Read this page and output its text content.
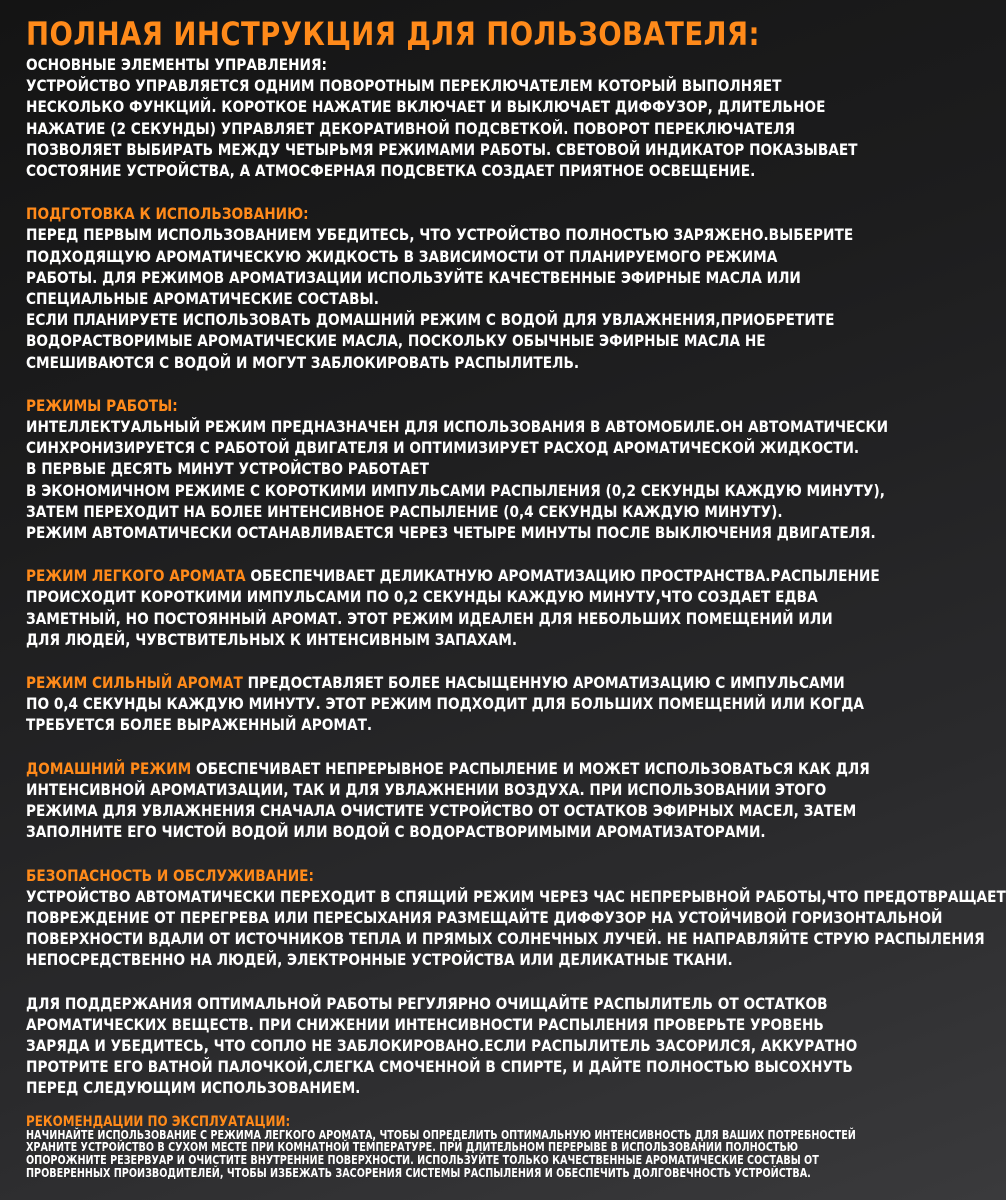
ПОЛНАЯ ИНСТРУКЦИЯ ДЛЯ ПОЛЬЗОВАТЕЛЯ:
ОСНОВНЫЕ ЭЛЕМЕНТЫ УПРАВЛЕНИЯ:
УСТРОЙСТВО УПРАВЛЯЕТСЯ ОДНИМ ПОВОРОТНЫМ ПЕРЕКЛЮЧАТЕЛЕМ КОТОРЫЙ ВЫПОЛНЯЕТ
НЕСКОЛЬКО ФУНКЦИЙ. КОРОТКОЕ НАЖАТИЕ ВКЛЮЧАЕТ И ВЫКЛЮЧАЕТ ДИФФУЗОР, ДЛИТЕЛЬНОЕ
НАЖАТИЕ (2 СЕКУНДЫ) УПРАВЛЯЕТ ДЕКОРАТИВНОЙ ПОДСВЕТКОЙ. ПОВОРОТ ПЕРЕКЛЮЧАТЕЛЯ
ПОЗВОЛЯЕТ ВЫБИРАТЬ МЕЖДУ ЧЕТЫРЬМЯ РЕЖИМАМИ РАБОТЫ. СВЕТОВОЙ ИНДИКАТОР ПОКАЗЫВАЕТ
СОСТОЯНИЕ УСТРОЙСТВА, А АТМОСФЕРНАЯ ПОДСВЕТКА СОЗДАЕТ ПРИЯТНОЕ ОСВЕЩЕНИЕ.
ПОДГОТОВКА К ИСПОЛЬЗОВАНИЮ:
ПЕРЕД ПЕРВЫМ ИСПОЛЬЗОВАНИЕМ УБЕДИТЕСЬ, ЧТО УСТРОЙСТВО ПОЛНОСТЬЮ ЗАРЯЖЕНО.ВЫБЕРИТЕ
ПОДХОДЯЩУЮ АРОМАТИЧЕСКУЮ ЖИДКОСТЬ В ЗАВИСИМОСТИ ОТ ПЛАНИРУЕМОГО РЕЖИМА
РАБОТЫ. ДЛЯ РЕЖИМОВ АРОМАТИЗАЦИИ ИСПОЛЬЗУЙТЕ КАЧЕСТВЕННЫЕ ЭФИРНЫЕ МАСЛА ИЛИ
СПЕЦИАЛЬНЫЕ АРОМАТИЧЕСКИЕ СОСТАВЫ.
ЕСЛИ ПЛАНИРУЕТЕ ИСПОЛЬЗОВАТЬ ДОМАШНИЙ РЕЖИМ С ВОДОЙ ДЛЯ УВЛАЖНЕНИЯ,ПРИОБРЕТИТЕ
ВОДОРАСТВОРИМЫЕ АРОМАТИЧЕСКИЕ МАСЛА, ПОСКОЛЬКУ ОБЫЧНЫЕ ЭФИРНЫЕ МАСЛА НЕ
СМЕШИВАЮТСЯ С ВОДОЙ И МОГУТ ЗАБЛОКИРОВАТЬ РАСПЫЛИТЕЛЬ.
РЕЖИМЫ РАБОТЫ:
ИНТЕЛЛЕКТУАЛЬНЫЙ РЕЖИМ ПРЕДНАЗНАЧЕН ДЛЯ ИСПОЛЬЗОВАНИЯ В АВТОМОБИЛЕ.ОН АВТОМАТИЧЕСКИ
СИНХРОНИЗИРУЕТСЯ С РАБОТОЙ ДВИГАТЕЛЯ И ОПТИМИЗИРУЕТ РАСХОД АРОМАТИЧЕСКОЙ ЖИДКОСТИ.
В ПЕРВЫЕ ДЕСЯТЬ МИНУТ УСТРОЙСТВО РАБОТАЕТ
В ЭКОНОМИЧНОМ РЕЖИМЕ С КОРОТКИМИ ИМПУЛЬСАМИ РАСПЫЛЕНИЯ (0,2 СЕКУНДЫ КАЖДУЮ МИНУТУ),
ЗАТЕМ ПЕРЕХОДИТ НА БОЛЕЕ ИНТЕНСИВНОЕ РАСПЫЛЕНИЕ (0,4 СЕКУНДЫ КАЖДУЮ МИНУТУ).
РЕЖИМ АВТОМАТИЧЕСКИ ОСТАНАВЛИВАЕТСЯ ЧЕРЕЗ ЧЕТЫРЕ МИНУТЫ ПОСЛЕ ВЫКЛЮЧЕНИЯ ДВИГАТЕЛЯ.
РЕЖИМ ЛЕГКОГО АРОМАТА ОБЕСПЕЧИВАЕТ ДЕЛИКАТНУЮ АРОМАТИЗАЦИЮ ПРОСТРАНСТВА.РАСПЫЛЕНИЕ
ПРОИСХОДИТ КОРОТКИМИ ИМПУЛЬСАМИ ПО 0,2 СЕКУНДЫ КАЖДУЮ МИНУТУ,ЧТО СОЗДАЕТ ЕДВА
ЗАМЕТНЫЙ, НО ПОСТОЯННЫЙ АРОМАТ. ЭТОТ РЕЖИМ ИДЕАЛЕН ДЛЯ НЕБОЛЬШИХ ПОМЕЩЕНИЙ ИЛИ
ДЛЯ ЛЮДЕЙ, ЧУВСТВИТЕЛЬНЫХ К ИНТЕНСИВНЫМ ЗАПАХАМ.
РЕЖИМ СИЛЬНЫЙ АРОМАТ ПРЕДОСТАВЛЯЕТ БОЛЕЕ НАСЫЩЕННУЮ АРОМАТИЗАЦИЮ С ИМПУЛЬСАМИ
ПО 0,4 СЕКУНДЫ КАЖДУЮ МИНУТУ. ЭТОТ РЕЖИМ ПОДХОДИТ ДЛЯ БОЛЬШИХ ПОМЕЩЕНИЙ ИЛИ КОГДА
ТРЕБУЕТСЯ БОЛЕЕ ВЫРАЖЕННЫЙ АРОМАТ.
ДОМАШНИЙ РЕЖИМ ОБЕСПЕЧИВАЕТ НЕПРЕРЫВНОЕ РАСПЫЛЕНИЕ И МОЖЕТ ИСПОЛЬЗОВАТЬСЯ КАК ДЛЯ
ИНТЕНСИВНОЙ АРОМАТИЗАЦИИ, ТАК И ДЛЯ УВЛАЖНЕНИИ ВОЗДУХА. ПРИ ИСПОЛЬЗОВАНИИ ЭТОГО
РЕЖИМА ДЛЯ УВЛАЖНЕНИЯ СНАЧАЛА ОЧИСТИТЕ УСТРОЙСТВО ОТ ОСТАТКОВ ЭФИРНЫХ МАСЕЛ, ЗАТЕМ
ЗАПОЛНИТЕ ЕГО ЧИСТОЙ ВОДОЙ ИЛИ ВОДОЙ С ВОДОРАСТВОРИМЫМИ АРОМАТИЗАТОРАМИ.
БЕЗОПАСНОСТЬ И ОБСЛУЖИВАНИЕ:
УСТРОЙСТВО АВТОМАТИЧЕСКИ ПЕРЕХОДИТ В СПЯЩИЙ РЕЖИМ ЧЕРЕЗ ЧАС НЕПРЕРЫВНОЙ РАБОТЫ,ЧТО ПРЕДОТВРАЩАЕТ
ПОВРЕЖДЕНИЕ ОТ ПЕРЕГРЕВА ИЛИ ПЕРЕСЫХАНИЯ РАЗМЕЩАЙТЕ ДИФФУЗОР НА УСТОЙЧИВОЙ ГОРИЗОНТАЛЬНОЙ
ПОВЕРХНОСТИ ВДАЛИ ОТ ИСТОЧНИКОВ ТЕПЛА И ПРЯМЫХ СОЛНЕЧНЫХ ЛУЧЕЙ. НЕ НАПРАВЛЯЙТЕ СТРУЮ РАСПЫЛЕНИЯ
НЕПОСРЕДСТВЕННО НА ЛЮДЕЙ, ЭЛЕКТРОННЫЕ УСТРОЙСТВА ИЛИ ДЕЛИКАТНЫЕ ТКАНИ.
ДЛЯ ПОДДЕРЖАНИЯ ОПТИМАЛЬНОЙ РАБОТЫ РЕГУЛЯРНО ОЧИЩАЙТЕ РАСПЫЛИТЕЛЬ ОТ ОСТАТКОВ
АРОМАТИЧЕСКИХ ВЕЩЕСТВ. ПРИ СНИЖЕНИИ ИНТЕНСИВНОСТИ РАСПЫЛЕНИЯ ПРОВЕРЬТЕ УРОВЕНЬ
ЗАРЯДА И УБЕДИТЕСЬ, ЧТО СОПЛО НЕ ЗАБЛОКИРОВАНО.ЕСЛИ РАСПЫЛИТЕЛЬ ЗАСОРИЛСЯ, АККУРАТНО
ПРОТРИТЕ ЕГО ВАТНОЙ ПАЛОЧКОЙ,СЛЕГКА СМОЧЕННОЙ В СПИРТЕ, И ДАЙТЕ ПОЛНОСТЬЮ ВЫСОХНУТЬ
ПЕРЕД СЛЕДУЮЩИМ ИСПОЛЬЗОВАНИЕМ.
РЕКОМЕНДАЦИИ ПО ЭКСПЛУАТАЦИИ:
НАЧИНАЙТЕ ИСПОЛЬЗОВАНИЕ С РЕЖИМА ЛЕГКОГО АРОМАТА, ЧТОБЫ ОПРЕДЕЛИТЬ ОПТИМАЛЬНУЮ ИНТЕНСИВНОСТЬ ДЛЯ ВАШИХ ПОТРЕБНОСТЕЙ
ХРАНИТЕ УСТРОЙСТВО В СУХОМ МЕСТЕ ПРИ КОМНАТНОЙ ТЕМПЕРАТУРЕ. ПРИ ДЛИТЕЛЬНОМ ПЕРЕРЫВЕ В ИСПОЛЬЗОВАНИИ ПОЛНОСТЬЮ
ОПОРОЖНИТЕ РЕЗЕРВУАР И ОЧИСТИТЕ ВНУТРЕННИЕ ПОВЕРХНОСТИ. ИСПОЛЬЗУЙТЕ ТОЛЬКО КАЧЕСТВЕННЫЕ АРОМАТИЧЕСКИЕ СОСТАВЫ ОТ
ПРОВЕРЕННЫХ ПРОИЗВОДИТЕЛЕЙ, ЧТОБЫ ИЗБЕЖАТЬ ЗАСОРЕНИЯ СИСТЕМЫ РАСПЫЛЕНИЯ И ОБЕСПЕЧИТЬ ДОЛГОВЕЧНОСТЬ УСТРОЙСТВА.
